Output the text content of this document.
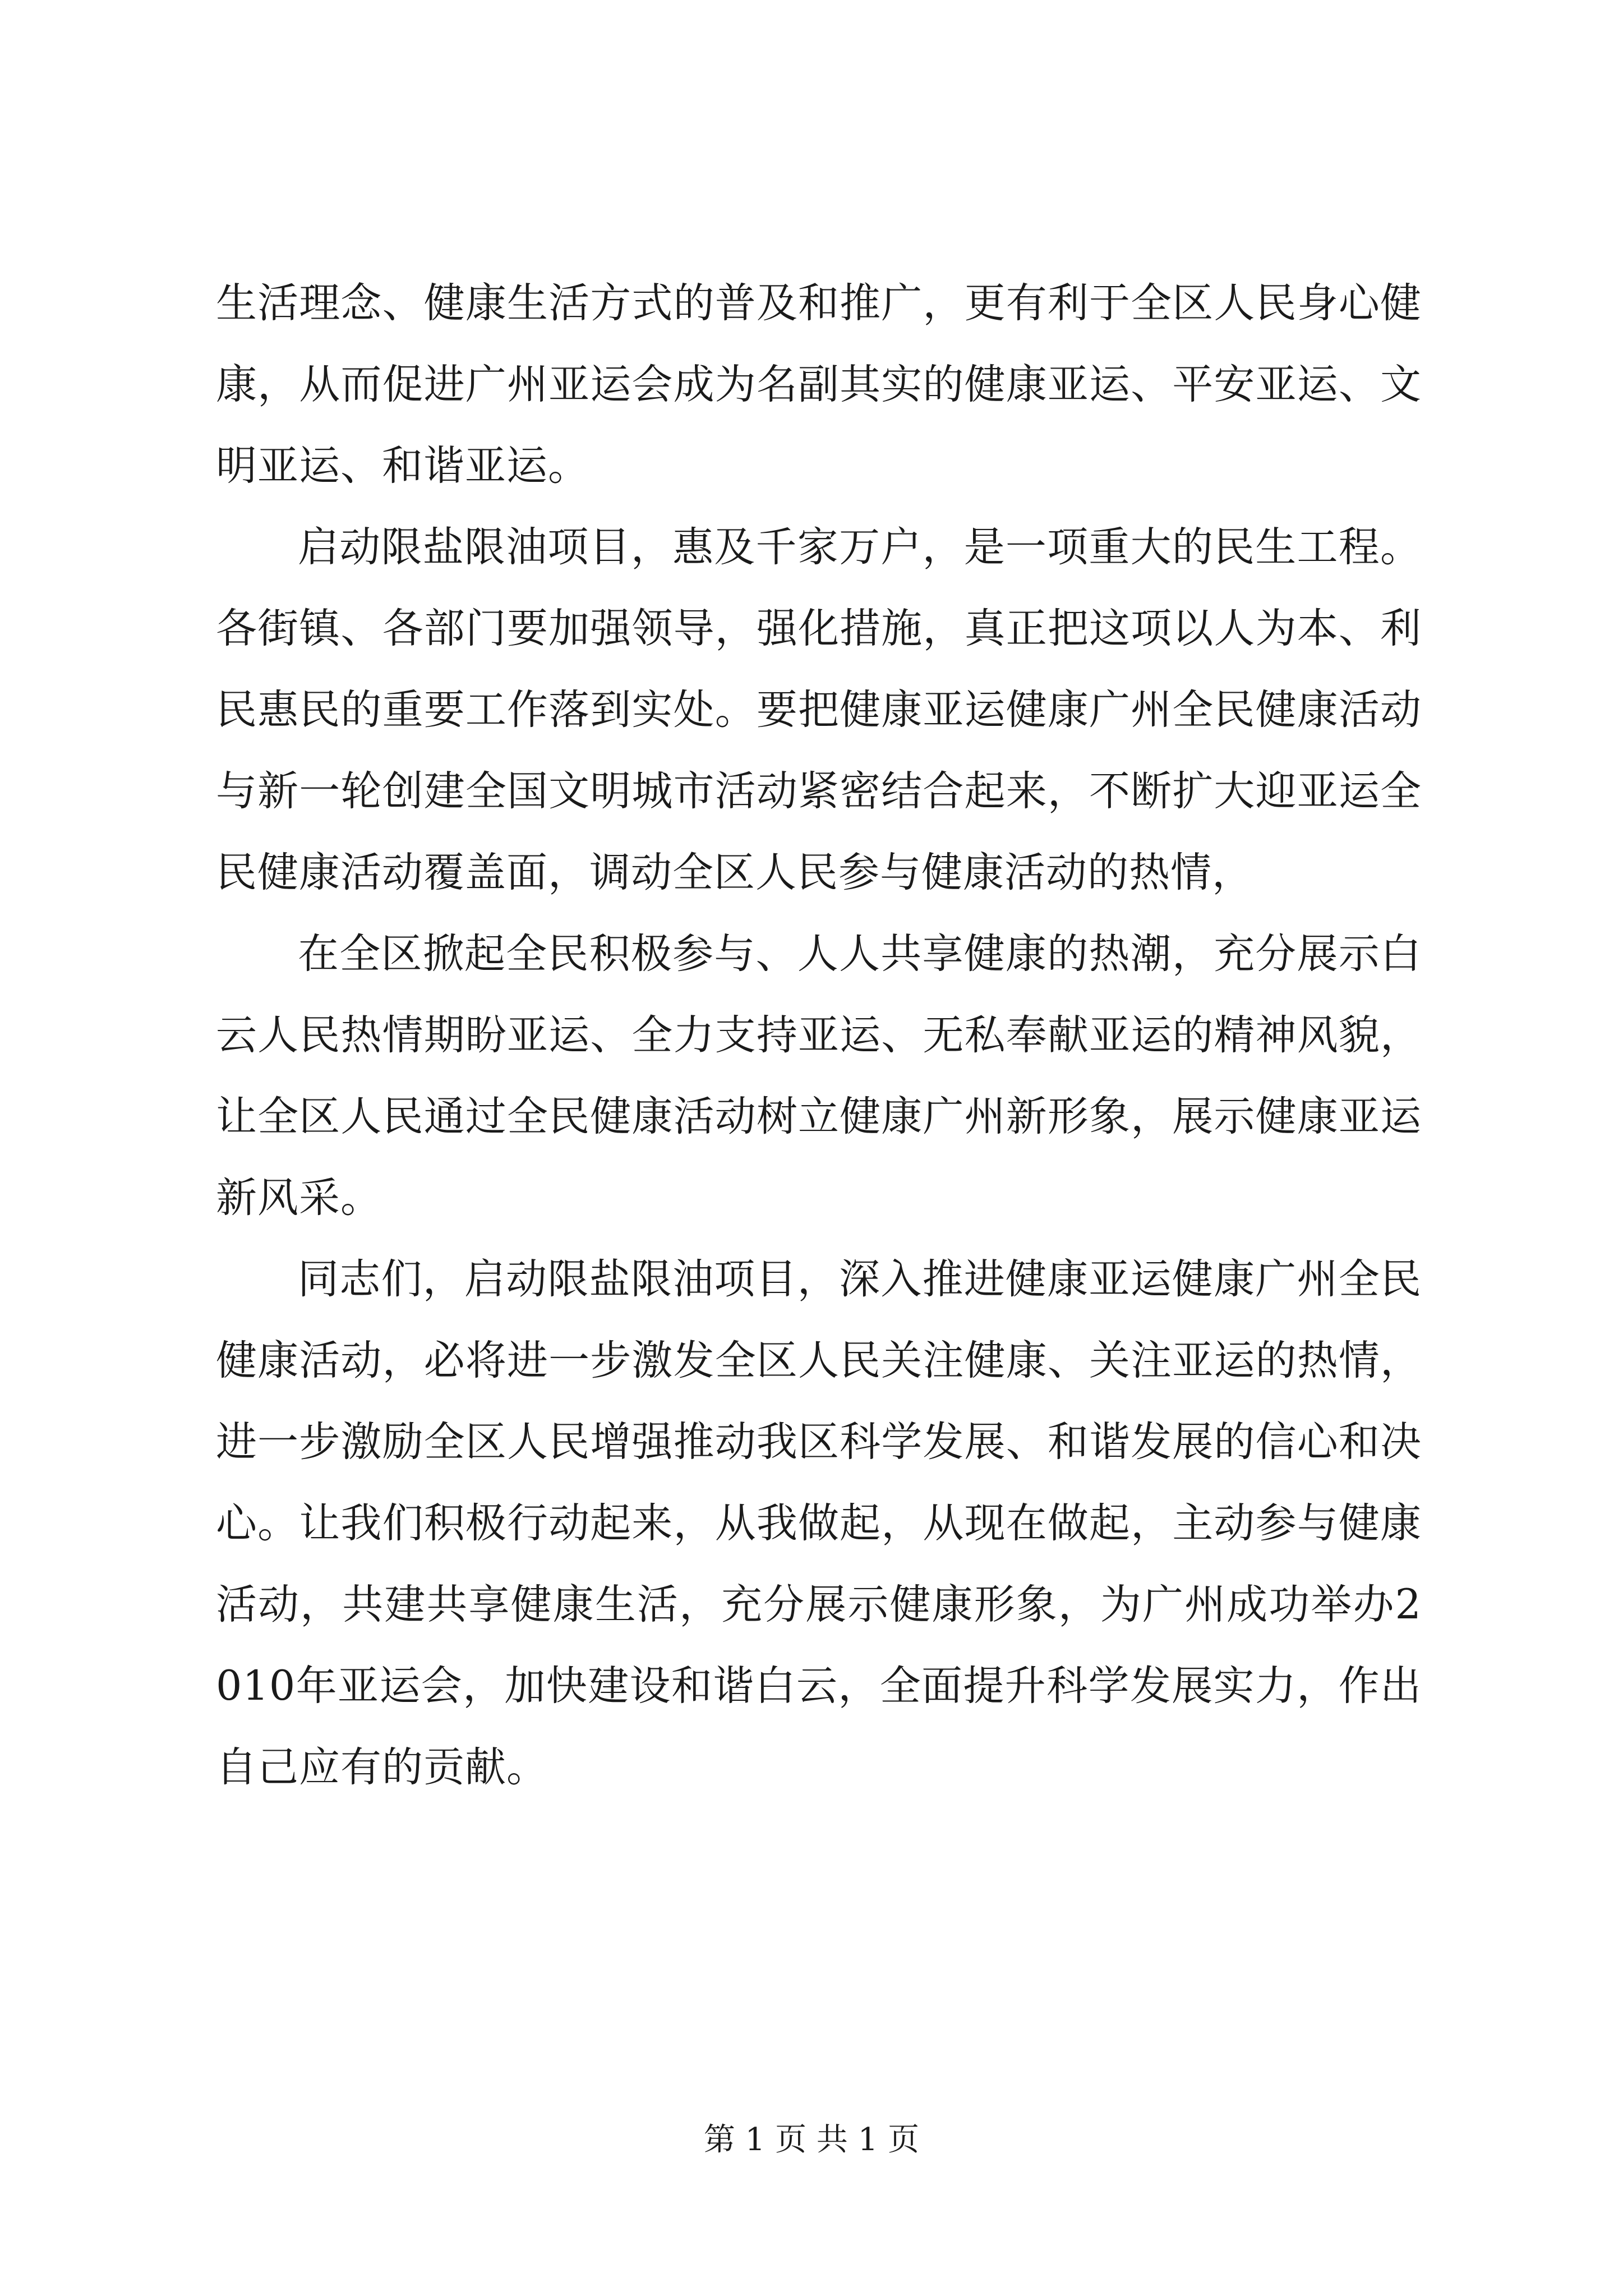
生活理念、健康生活方式的普及和推广，更有利于全区人民身心健康，从而促进广州亚运会成为名副其实的健康亚运、平安亚运、文明亚运、和谐亚运。

启动限盐限油项目，惠及千家万户，是一项重大的民生工程。各街镇、各部门要加强领导，强化措施，真正把这项以人为本、利民惠民的重要工作落到实处。要把健康亚运健康广州全民健康活动与新一轮创建全国文明城市活动紧密结合起来，不断扩大迎亚运全民健康活动覆盖面，调动全区人民参与健康活动的热情，

在全区掀起全民积极参与、人人共享健康的热潮，充分展示白云人民热情期盼亚运、全力支持亚运、无私奉献亚运的精神风貌，让全区人民通过全民健康活动树立健康广州新形象，展示健康亚运新风采。

同志们，启动限盐限油项目，深入推进健康亚运健康广州全民健康活动，必将进一步激发全区人民关注健康、关注亚运的热情，进一步激励全区人民增强推动我区科学发展、和谐发展的信心和决心。让我们积极行动起来，从我做起，从现在做起，主动参与健康活动，共建共享健康生活，充分展示健康形象，为广州成功举办2010年亚运会，加快建设和谐白云，全面提升科学发展实力，作出自己应有的贡献。

第 1 页 共 1 页
